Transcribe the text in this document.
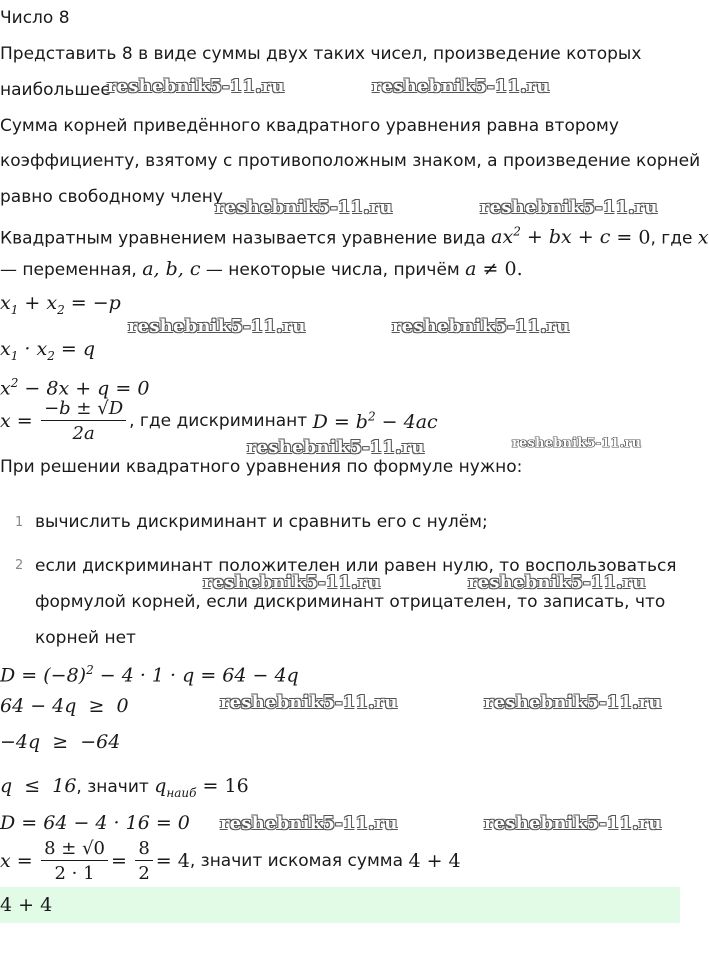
Число 8
Представить 8 в виде суммы двух таких чисел, произведение которых
наибольшее
Сумма корней приведённого квадратного уравнения равна второму
коэффициенту, взятому с противоположным знаком, а произведение корней
равно свободному члену
Квадратным уравнением называется уравнение вида $ax^2$ + bx + c = 0, где x
— переменная, a, b, c — некоторые числа, причём a ≠ 0.
$x_1 + x_2 = -p$
$x_1 \cdot x_2 = q$
$x^2 - 8x + q = 0$
$x = \frac{-b \pm √D}{2a}$ , где дискриминант $D = b^2 - 4ac$
При решении квадратного уравнения по формуле нужно:
1 вычислить дискриминант и сравнить его с нулём;
2 если дискриминант положителен или равен нулю, то воспользоваться
формулой корней, если дискриминант отрицателен, то записать, что
корней нет
$D = (-8)^2 - 4 \cdot 1 \cdot q = 64 - 4q$
64 − 4q  ≥  0
−4q  ≥  −64
q  ≤  16, значит $q_{наиб} = 16$
D = 64 − 4 · 16 = 0
$x = \frac{8 \pm √0}{2 \cdot 1} = \frac{8}{2} = 4$, значит искомая сумма 4 + 4
4 + 4
reshebnik5-11.ru	reshebnik5-11.ru
reshebnik5-11.ru	reshebnik5-11.ru
reshebnik5-11.ru	reshebnik5-11.ru
reshebnik5-11.ru	reshebnik5-11.ru
reshebnik5-11.ru	reshebnik5-11.ru
reshebnik5-11.ru	reshebnik5-11.ru
reshebnik5-11.ru	reshebnik5-11.ru
